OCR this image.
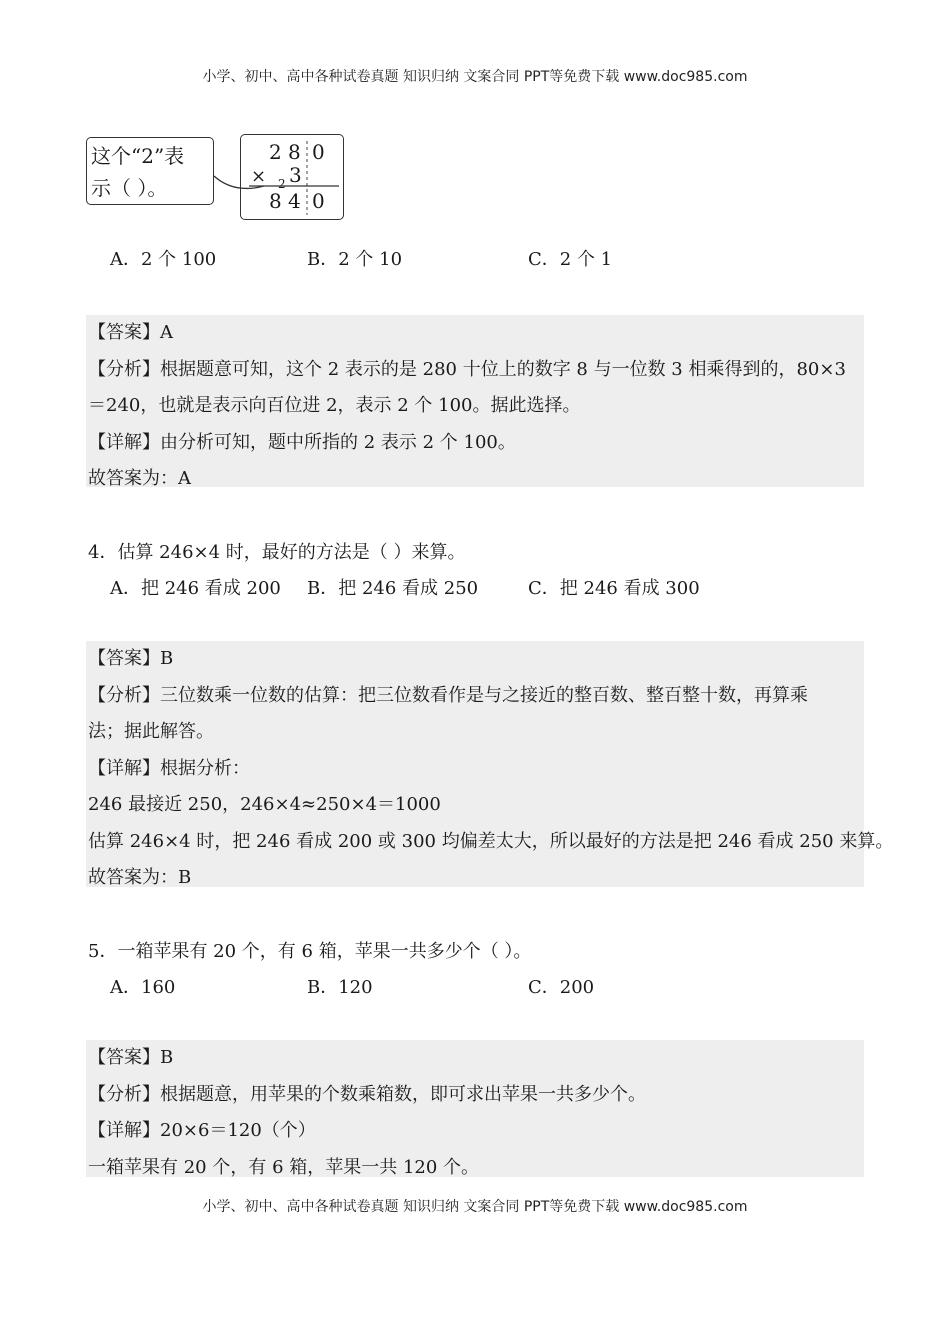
小学、初中、高中各种试卷真题 知识归纳 文案合同 PPT等免费下载 www.doc985.com
这个“2”表
示（ ）。
2 8 0
× 2 3
8 4 0
A．2 个 100	B．2 个 10	C．2 个 1

【答案】A

【分析】根据题意可知，这个 2 表示的是 280 十位上的数字 8 与一位数 3 相乘得到的，80×3

＝240，也就是表示向百位进 2，表示 2 个 100。据此选择。

【详解】由分析可知，题中所指的 2 表示 2 个 100。

故答案为：A

4．估算 246×4 时，最好的方法是（ ）来算。
A．把 246 看成 200 B．把 246 看成 250	C．把 246 看成 300

【答案】B

【分析】三位数乘一位数的估算：把三位数看作是与之接近的整百数、整百整十数，再算乘

法；据此解答。

【详解】根据分析：

246 最接近 250，246×4≈250×4＝1000

估算 246×4 时，把 246 看成 200 或 300 均偏差太大，所以最好的方法是把 246 看成 250 来算。

故答案为：B

5．一箱苹果有 20 个，有 6 箱，苹果一共多少个（ ）。
A．160	B．120	C．200

【答案】B

【分析】根据题意，用苹果的个数乘箱数，即可求出苹果一共多少个。

【详解】20×6＝120（个）

一箱苹果有 20 个，有 6 箱，苹果一共 120 个。

小学、初中、高中各种试卷真题 知识归纳 文案合同 PPT等免费下载 www.doc985.com
